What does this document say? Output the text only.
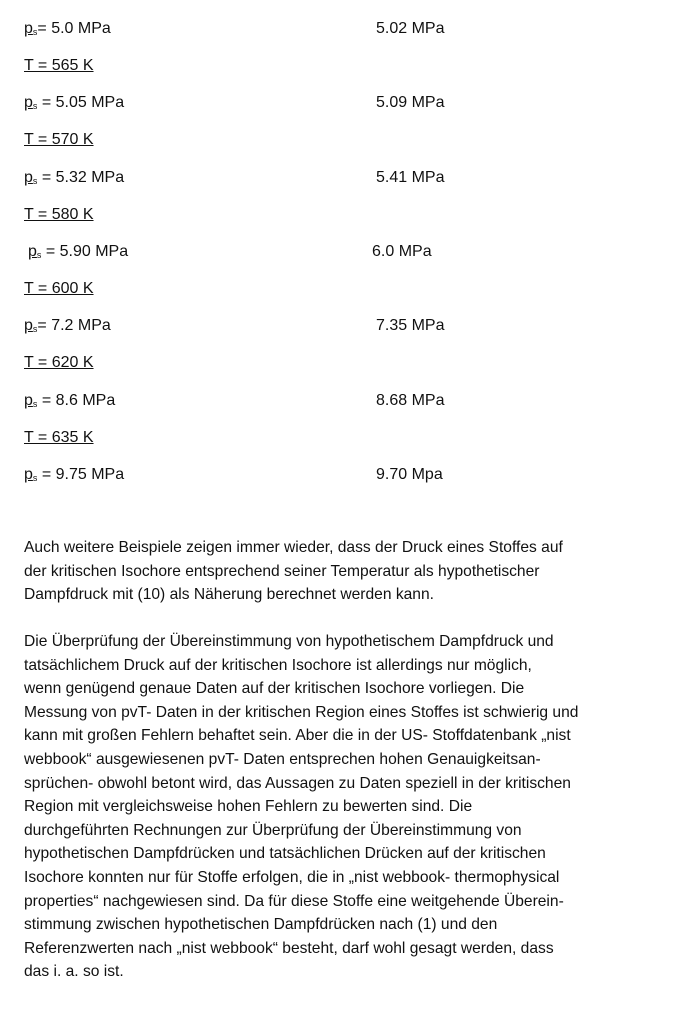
$p_s= 5.0$ MPa	5.02 MPa
T = 565 K
$p_s = 5.05$ MPa	5.09 MPa
T = 570 K
$p_s = 5.32$ MPa	5.41 MPa
T = 580 K
$p_s = 5.90$ MPa	6.0 MPa
T = 600 K
$p_s= 7.2$ MPa	7.35 MPa
T = 620 K
$p_s = 8.6$ MPa	8.68 MPa
T = 635 K
$p_s = 9.75$ MPa	9.70 Mpa
Auch weitere Beispiele zeigen immer wieder, dass der Druck eines Stoffes auf
der kritischen Isochore entsprechend seiner Temperatur als hypothetischer
Dampfdruck mit (10) als Näherung berechnet werden kann.
Die Überprüfung der Übereinstimmung von hypothetischem Dampfdruck und
tatsächlichem Druck auf der kritischen Isochore ist allerdings nur möglich,
wenn genügend genaue Daten auf der kritischen Isochore vorliegen. Die
Messung von pvT- Daten in der kritischen Region eines Stoffes ist schwierig und
kann mit großen Fehlern behaftet sein. Aber die in der US- Stoffdatenbank „nist
webbook“ ausgewiesenen pvT- Daten entsprechen hohen Genauigkeitsan-
sprüchen- obwohl betont wird, das Aussagen zu Daten speziell in der kritischen
Region mit vergleichsweise hohen Fehlern zu bewerten sind. Die
durchgeführten Rechnungen zur Überprüfung der Übereinstimmung von
hypothetischen Dampfdrücken und tatsächlichen Drücken auf der kritischen
Isochore konnten nur für Stoffe erfolgen, die in „nist webbook- thermophysical
properties“ nachgewiesen sind. Da für diese Stoffe eine weitgehende Überein-
stimmung zwischen hypothetischen Dampfdrücken nach (1) und den
Referenzwerten nach „nist webbook“ besteht, darf wohl gesagt werden, dass
das i. a. so ist.
